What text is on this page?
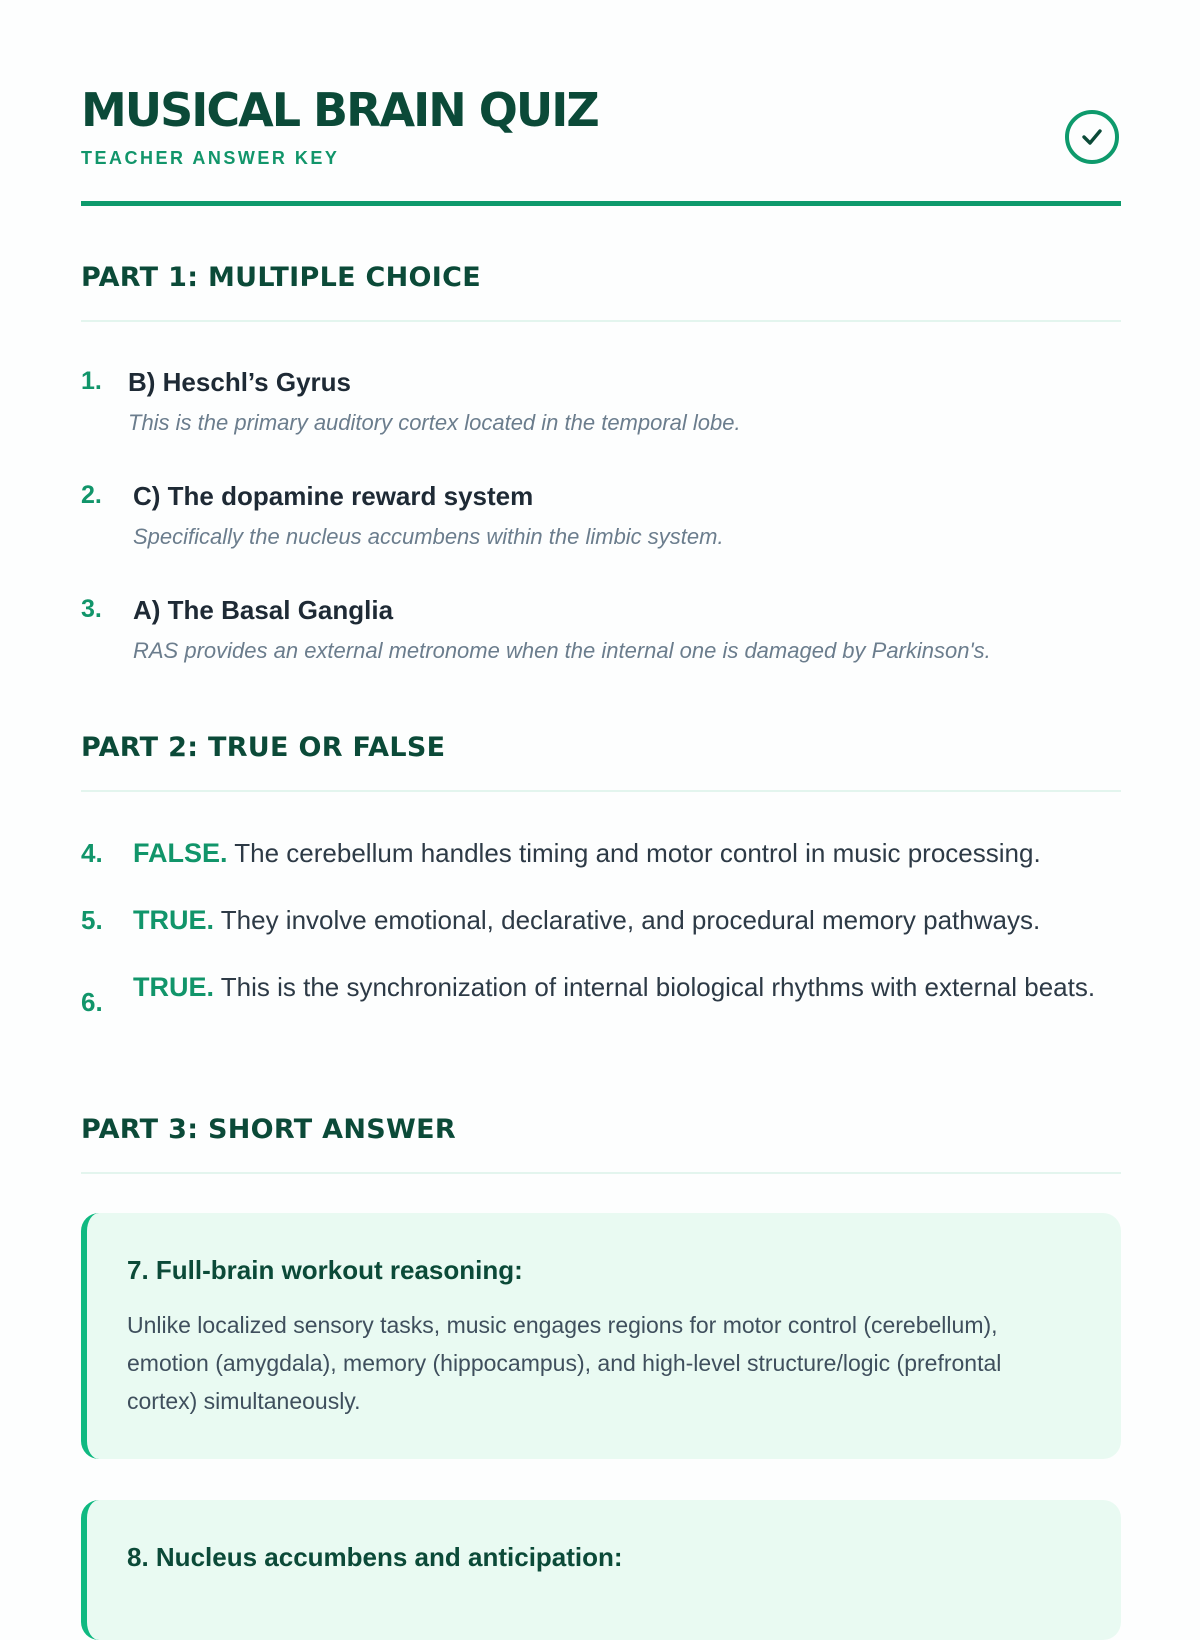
MUSICAL BRAIN QUIZ
TEACHER ANSWER KEY
PART 1: MULTIPLE CHOICE
1. B) Heschl’s Gyrus
This is the primary auditory cortex located in the temporal lobe.
2. C) The dopamine reward system
Specifically the nucleus accumbens within the limbic system.
3. A) The Basal Ganglia
RAS provides an external metronome when the internal one is damaged by Parkinson's.
PART 2: TRUE OR FALSE
4. FALSE. The cerebellum handles timing and motor control in music processing.
5. TRUE. They involve emotional, declarative, and procedural memory pathways.
6. TRUE. This is the synchronization of internal biological rhythms with external beats.
PART 3: SHORT ANSWER
7. Full-brain workout reasoning:
Unlike localized sensory tasks, music engages regions for motor control (cerebellum), emotion (amygdala), memory (hippocampus), and high-level structure/logic (prefrontal cortex) simultaneously.
8. Nucleus accumbens and anticipation:
